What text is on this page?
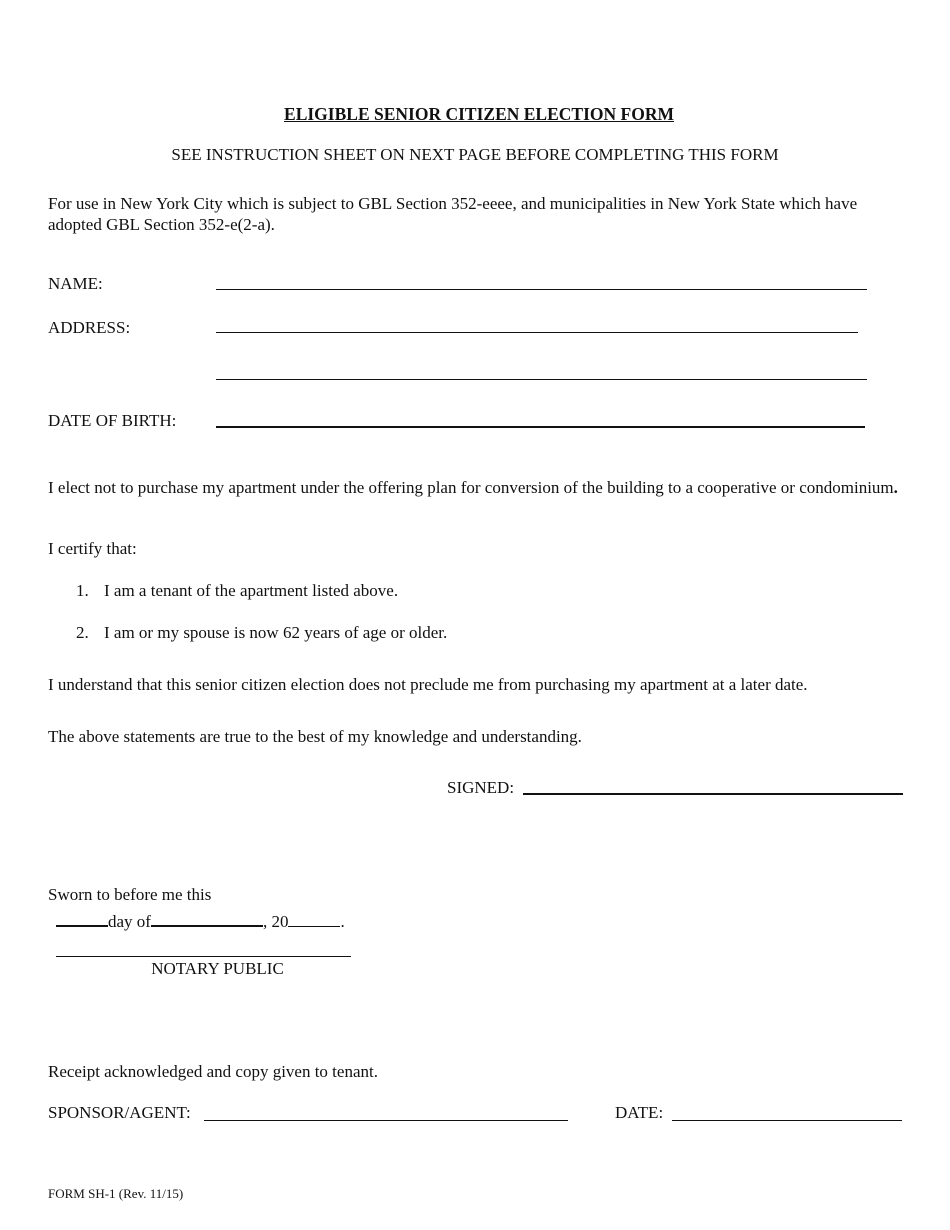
ELIGIBLE SENIOR CITIZEN ELECTION FORM
SEE INSTRUCTION SHEET ON NEXT PAGE BEFORE COMPLETING THIS FORM
For use in New York City which is subject to GBL Section 352-eeee, and municipalities in New York State which have adopted GBL Section 352-e(2-a).
NAME:
ADDRESS:
DATE OF BIRTH:
I elect not to purchase my apartment under the offering plan for conversion of the building to a cooperative or condominium.
I certify that:
1. I am a tenant of the apartment listed above.
2. I am or my spouse is now 62 years of age or older.
I understand that this senior citizen election does not preclude me from purchasing my apartment at a later date.
The above statements are true to the best of my knowledge and understanding.
SIGNED:
Sworn to before me this
day of	, 20	.
NOTARY PUBLIC
Receipt acknowledged and copy given to tenant.
SPONSOR/AGENT:	DATE:
FORM SH-1 (Rev. 11/15)
